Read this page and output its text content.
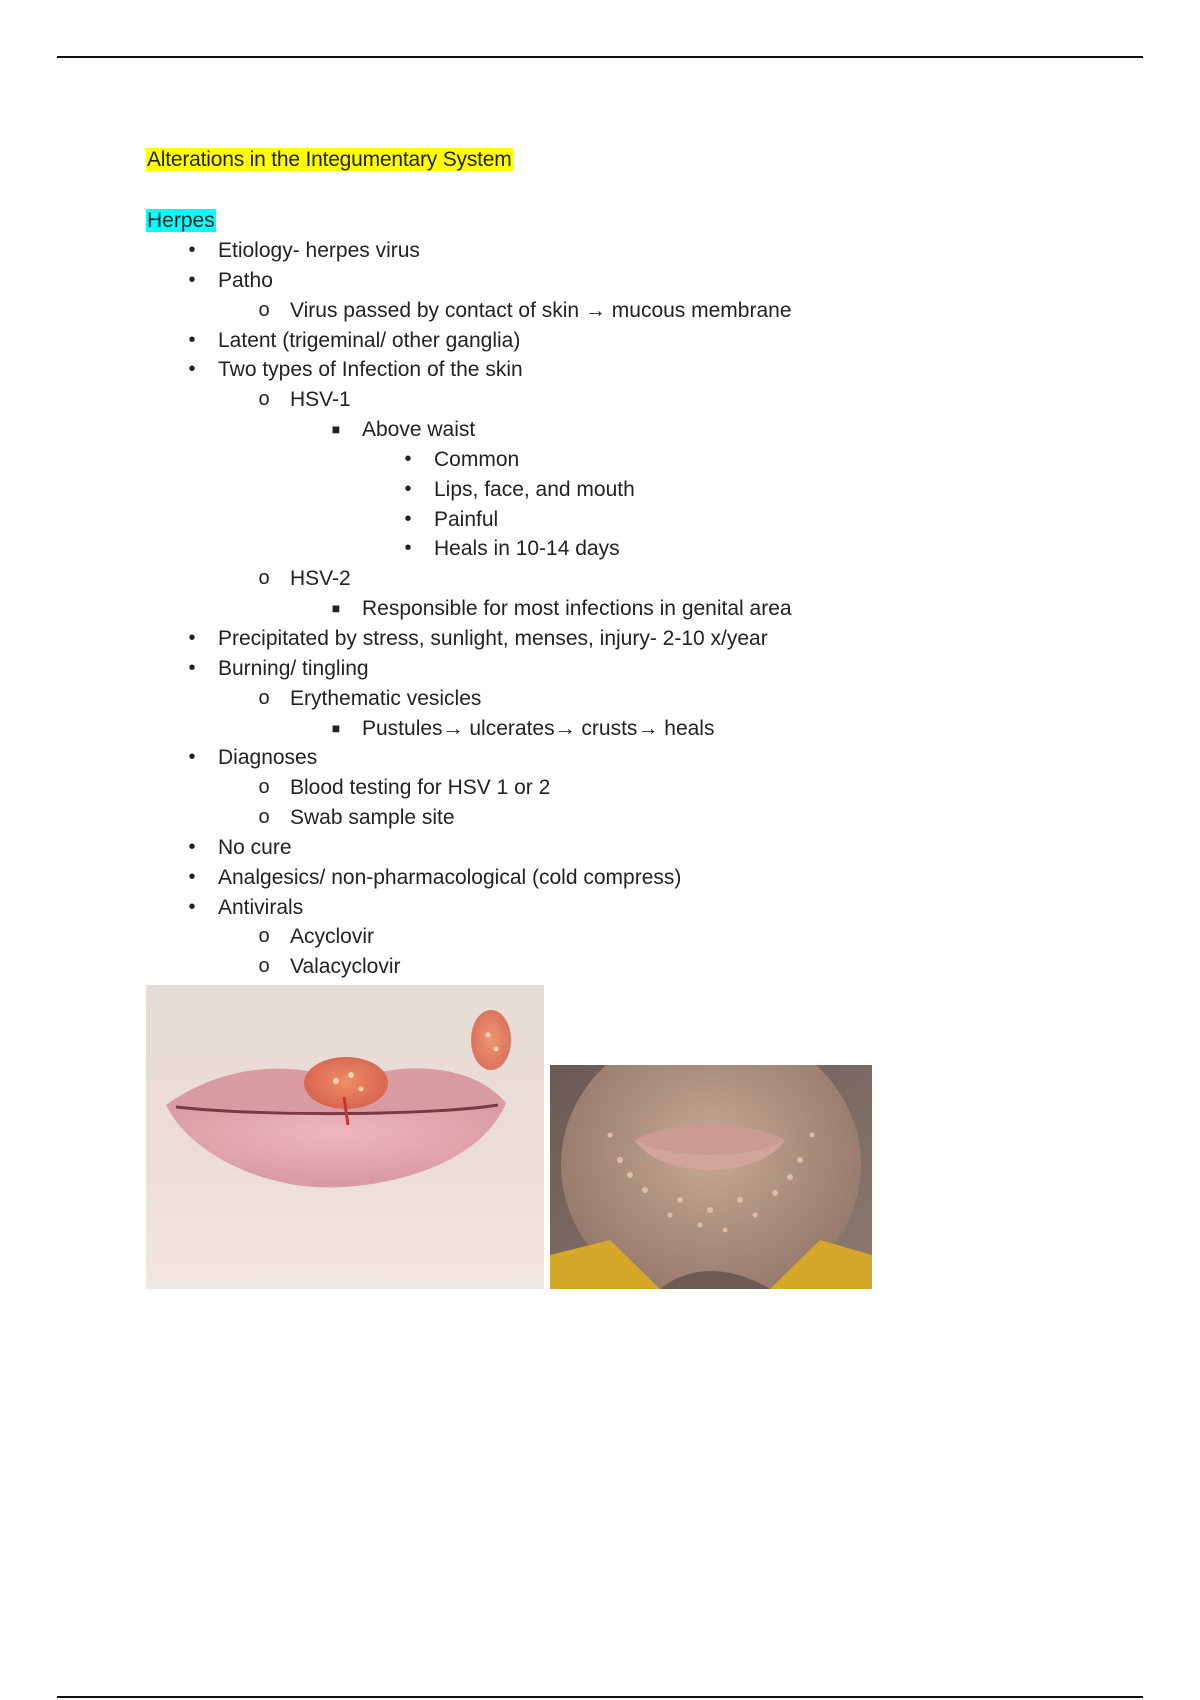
Alterations in the Integumentary System
Herpes
•	Etiology- herpes virus
•	Patho
o Virus passed by contact of skin → mucous membrane
•	Latent (trigeminal/ other ganglia)
•	Two types of Infection of the skin
o HSV-1
■ Above waist
•	Common
•	Lips, face, and mouth
•	Painful
•	Heals in 10-14 days
o HSV-2
■ Responsible for most infections in genital area
•	Precipitated by stress, sunlight, menses, injury- 2-10 x/year
•	Burning/ tingling
o Erythematic vesicles
■ Pustules→ ulcerates→ crusts→ heals
•	Diagnoses
o Blood testing for HSV 1 or 2
o Swab sample site
•	No cure
•	Analgesics/ non-pharmacological (cold compress)
•	Antivirals
o Acyclovir
o Valacyclovir
